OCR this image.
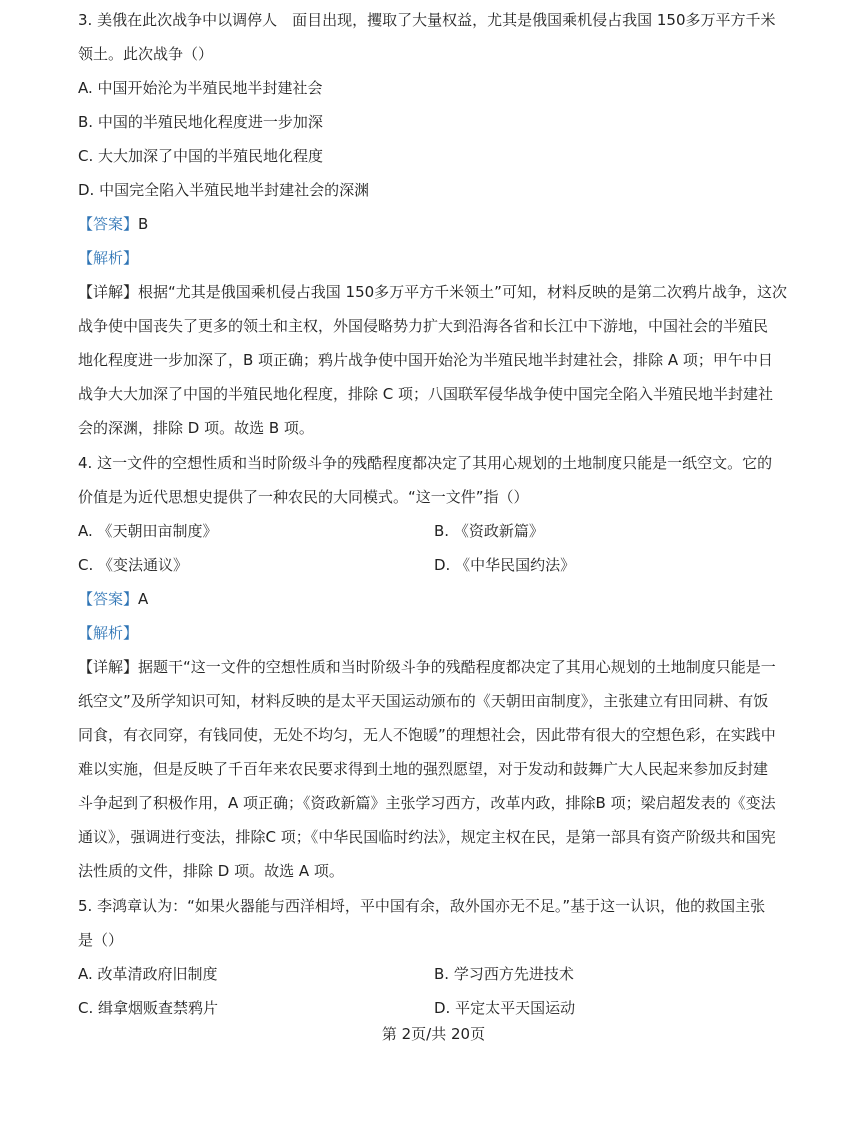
3. 美俄在此次战争中以调停人　面目出现，攫取了大量权益，尤其是俄国乘机侵占我国 150多万平方千米
领土。此次战争（）
A. 中国开始沦为半殖民地半封建社会
B. 中国的半殖民地化程度进一步加深
C. 大大加深了中国的半殖民地化程度
D. 中国完全陷入半殖民地半封建社会的深渊
【答案】B
【解析】
【详解】根据“尤其是俄国乘机侵占我国 150多万平方千米领土”可知，材料反映的是第二次鸦片战争，这次
战争使中国丧失了更多的领土和主权，外国侵略势力扩大到沿海各省和长江中下游地，中国社会的半殖民
地化程度进一步加深了，B 项正确；鸦片战争使中国开始沦为半殖民地半封建社会，排除 A 项；甲午中日
战争大大加深了中国的半殖民地化程度，排除 C 项；八国联军侵华战争使中国完全陷入半殖民地半封建社
会的深渊，排除 D 项。故选 B 项。
4. 这一文件的空想性质和当时阶级斗争的残酷程度都决定了其用心规划的土地制度只能是一纸空文。它的
价值是为近代思想史提供了一种农民的大同模式。“这一文件”指（）
A. 《天朝田亩制度》	B. 《资政新篇》
C. 《变法通议》	D. 《中华民国约法》
【答案】A
【解析】
【详解】据题干“这一文件的空想性质和当时阶级斗争的残酷程度都决定了其用心规划的土地制度只能是一
纸空文”及所学知识可知，材料反映的是太平天国运动颁布的《天朝田亩制度》，主张建立有田同耕、有饭
同食，有衣同穿，有钱同使，无处不均匀，无人不饱暖”的理想社会，因此带有很大的空想色彩，在实践中
难以实施，但是反映了千百年来农民要求得到土地的强烈愿望，对于发动和鼓舞广大人民起来参加反封建
斗争起到了积极作用，A 项正确；《资政新篇》主张学习西方，改革内政，排除B 项；梁启超发表的《变法
通议》，强调进行变法，排除C 项；《中华民国临时约法》，规定主权在民，是第一部具有资产阶级共和国宪
法性质的文件，排除 D 项。故选 A 项。
5. 李鸿章认为：“如果火器能与西洋相埒，平中国有余，敌外国亦无不足。”基于这一认识，他的救国主张
是（）
A. 改革清政府旧制度	B. 学习西方先进技术
C. 缉拿烟贩查禁鸦片	D. 平定太平天国运动
第 2页/共 20页
